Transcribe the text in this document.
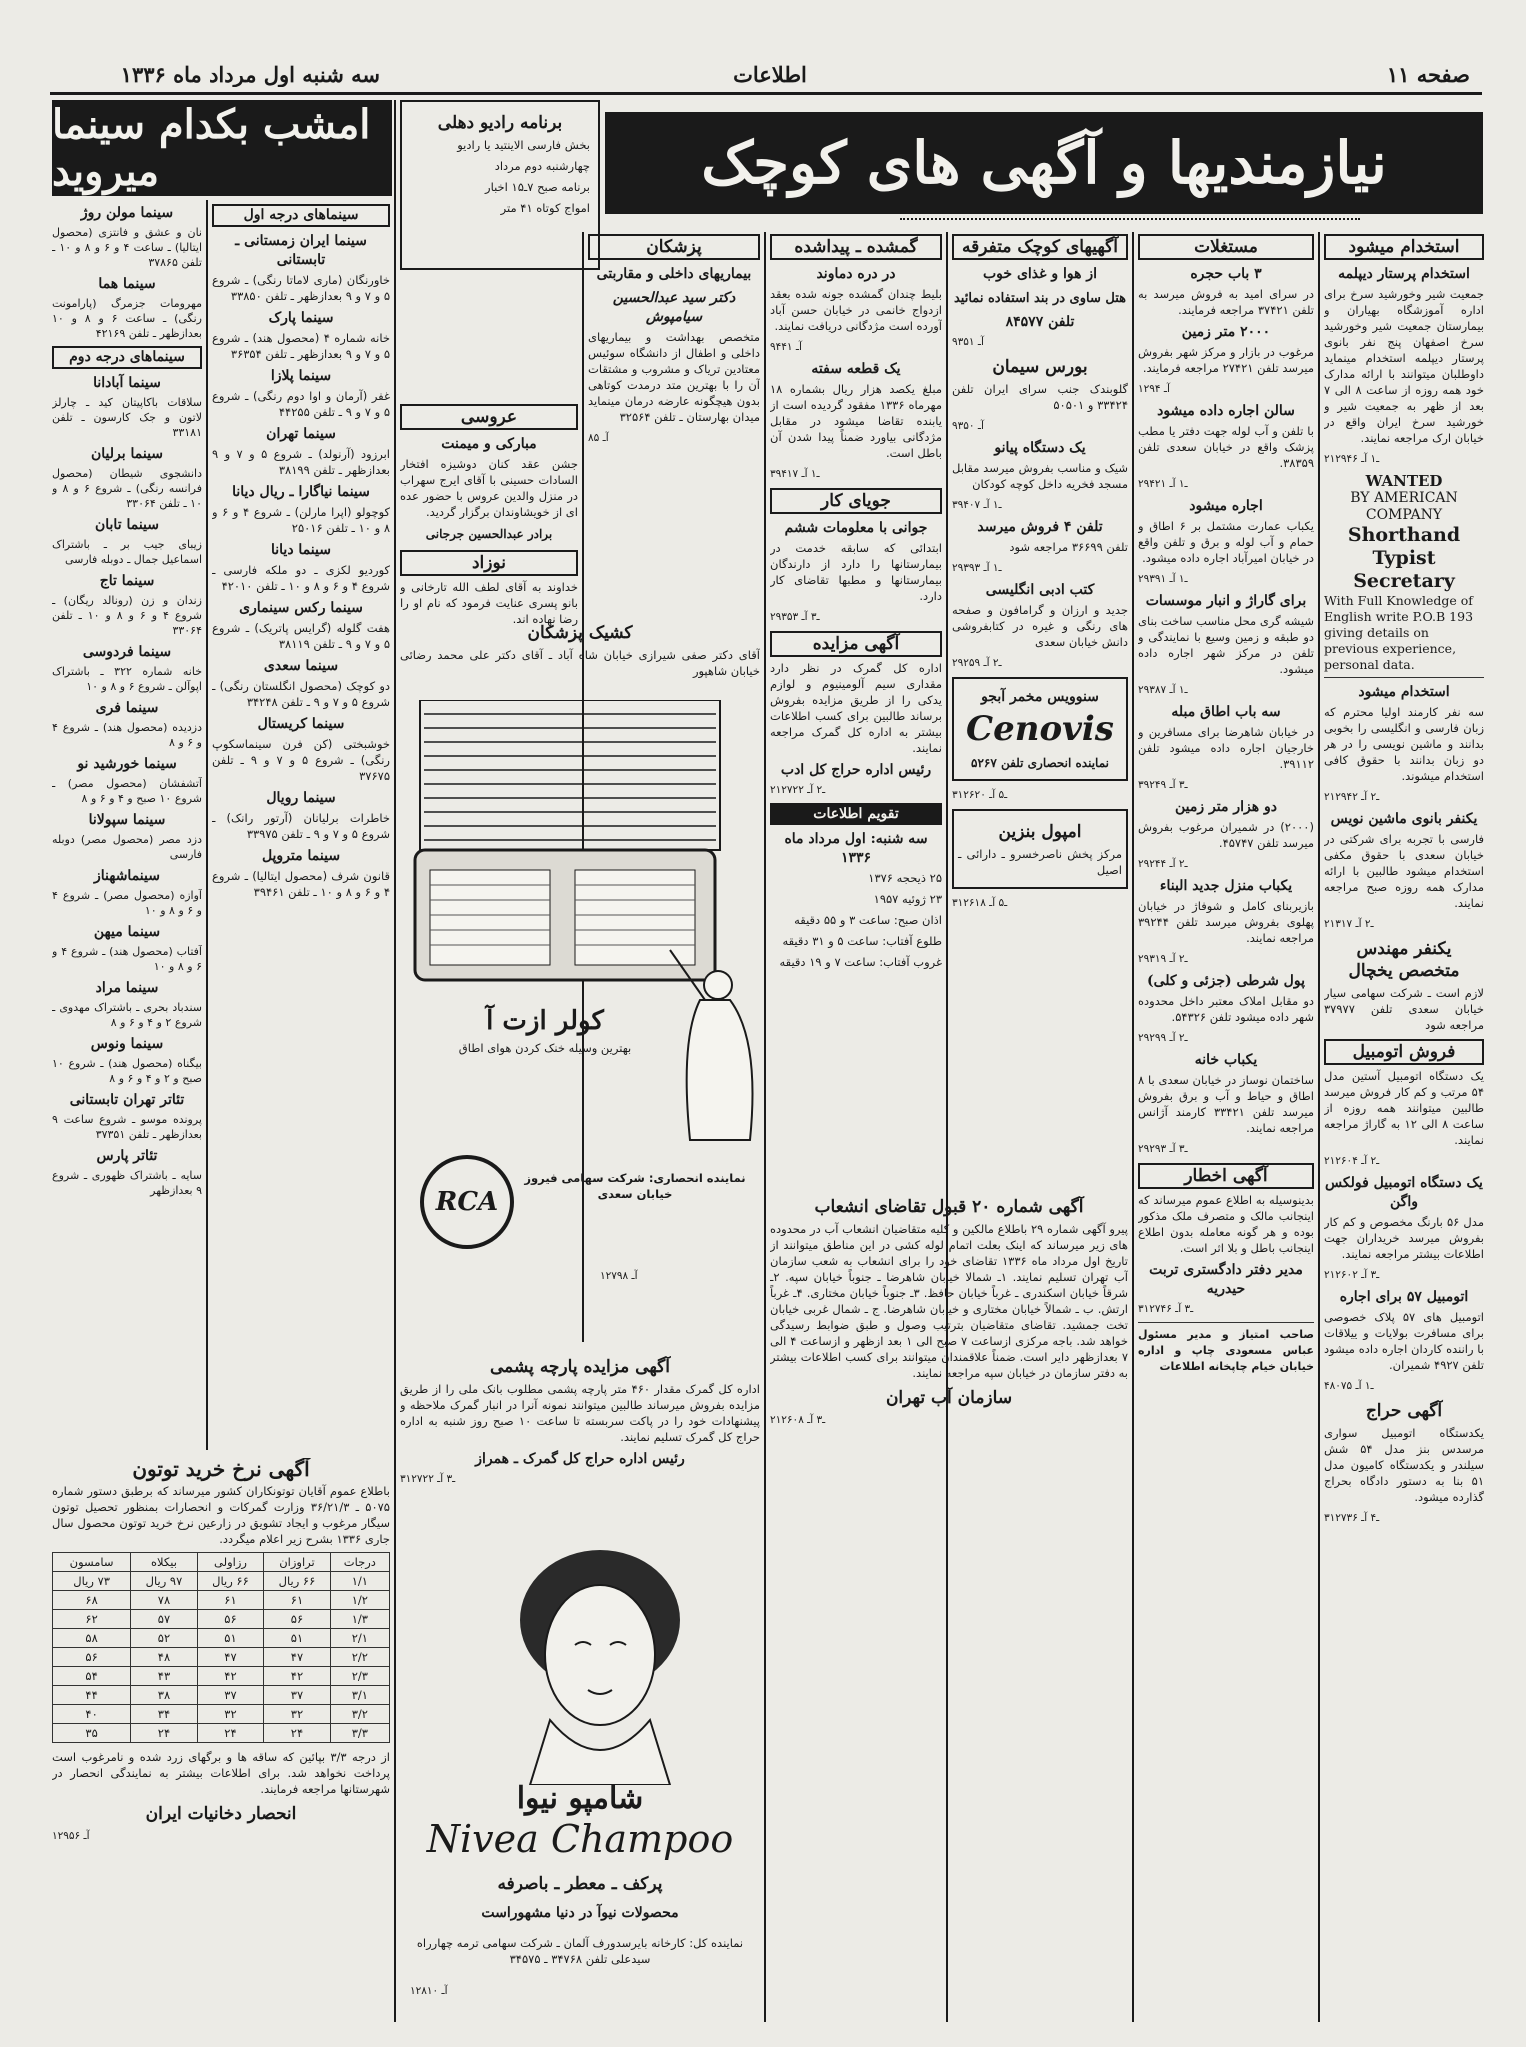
صفحه ۱۱
اطلاعات
سه شنبه اول مرداد ماه ۱۳۳۶
نیازمندیها و آگهی های کوچک
امشب بکدام سینما میروید
برنامه رادیو دهلی

بخش فارسی الاینتید یا رادیو

چهارشنبه دوم مرداد

برنامه صبح ۷ـ۱۵ اخبار

امواج کوتاه ۴۱ متر

استخدام میشود
استخدام پرستار دیپلمه

جمعیت شیر وخورشید سرخ برای اداره آموزشگاه بهیاران و بیمارستان جمعیت شیر وخورشید سرخ اصفهان پنج نفر بانوی پرستار دیپلمه استخدام مینماید داوطلبان میتوانند با ارائه مدارک خود همه روزه از ساعت ۸ الی ۷ بعد از ظهر به جمعیت شیر و خورشید سرخ ایران واقع در خیابان ارک مراجعه نمایند.

۲ـ۱ آـ ۱۲۹۴۶

WANTED
BY AMERICAN COMPANY
Shorthand Typist Secretary
With Full Knowledge of English write P.O.B 193 giving details on previous experience, personal data.
استخدام میشود

سه نفر کارمند اولیا محترم که زبان فارسی و انگلیسی را بخوبی بدانند و ماشین نویسی را در هر دو زبان بدانند با حقوق کافی استخدام میشوند.

۲ـ۲ آـ ۱۲۹۴۲

یکنفر بانوی ماشین نویس

فارسی با تجربه برای شرکتی در خیابان سعدی با حقوق مکفی استخدام میشود طالبین با ارائه مدارک همه روزه صبح مراجعه نمایند.

۲ـ۲ آـ ۱۳۱۷

یکنفر مهندس متخصص یخچال

لازم است ـ شرکت سهامی سیار خیابان سعدی تلفن ۳۷۹۷۷ مراجعه شود

فروش اتومبیل

یک دستگاه اتومبیل آستین مدل ۵۴ مرتب و کم کار فروش میرسد طالبین میتوانند همه روزه از ساعت ۸ الی ۱۲ به گاراژ مراجعه نمایند.

۲ـ۲ آـ ۱۲۶۰۴

یک دستگاه اتومبیل فولکس واگن

مدل ۵۶ بارنگ مخصوص و کم کار بفروش میرسد خریداران جهت اطلاعات بیشتر مراجعه نمایند.

۲ـ۳ آـ ۱۲۶۰۲

اتومبیل ۵۷ برای اجاره

اتومبیل های ۵۷ پلاک خصوصی برای مسافرت بولایات و ییلاقات با راننده کاردان اجاره داده میشود تلفن ۴۹۲۷ شمیران.

۴ـ۱ آـ ۸۰۷۵

آگهی حراج

یکدستگاه اتومبیل سواری مرسدس بنز مدل ۵۴ شش سیلندر و یکدستگاه کامیون مدل ۵۱ بنا به دستور دادگاه بحراج گذارده میشود.

۳ـ۴ آـ ۱۲۷۳۶

مستغلات
۳ باب حجره

در سرای امید به فروش میرسد به تلفن ۳۷۴۲۱ مراجعه فرمایند.

۲۰۰۰ متر زمین

مرغوب در بازار و مرکز شهر بفروش میرسد تلفن ۲۷۴۲۱ مراجعه فرمایند.

آـ ۱۲۹۴

سالن اجاره داده میشود

با تلفن و آب لوله جهت دفتر یا مطب پزشک واقع در خیابان سعدی تلفن ۳۸۳۵۹.

۲ـ۱ آـ ۹۴۲۱

اجاره میشود

یکباب عمارت مشتمل بر ۶ اطاق و حمام و آب لوله و برق و تلفن واقع در خیابان امیرآباد اجاره داده میشود.

۲ـ۱ آـ ۹۳۹۱

برای گاراژ و انبار موسسات

شیشه گری محل مناسب ساخت بنای دو طبقه و زمین وسیع با نمایندگی و تلفن در مرکز شهر اجاره داده میشود.

۲ـ۱ آـ ۹۳۸۷

سه باب اطاق مبله

در خیابان شاهرضا برای مسافرین و خارجیان اجاره داده میشود تلفن ۳۹۱۱۲.

۳ـ۳ آـ ۹۲۴۹

دو هزار متر زمین

(۲۰۰۰) در شمیران مرغوب بفروش میرسد تلفن ۴۵۷۴۷.

۲ـ۲ آـ ۹۲۴۴

یکباب منزل جدید البناء

بازیربنای کامل و شوفاژ در خیابان پهلوی بفروش میرسد تلفن ۳۹۲۴۴ مراجعه نمایند.

۲ـ۲ آـ ۹۳۱۹

پول شرطی (جزئی و کلی)

دو مقابل املاک معتبر داخل محدوده شهر داده میشود تلفن ۵۴۳۲۶.

۲ـ۲ آـ ۹۲۹۹

یکباب خانه

ساختمان نوساز در خیابان سعدی با ۸ اطاق و حیاط و آب و برق بفروش میرسد تلفن ۳۳۴۲۱ کارمند آژانس مراجعه نمایند.

۲ـ۳ آـ ۹۲۹۳

آگهی اخطار

بدینوسیله به اطلاع عموم میرساند که اینجانب مالک و متصرف ملک مذکور بوده و هر گونه معامله بدون اطلاع اینجانب باطل و بلا اثر است.

مدیر دفتر دادگستری تربت حیدریه

۳ـ۳ آـ ۱۲۷۴۶

صاحب امتیاز و مدیر مسئول عباس مسعودی چاپ و اداره خیابان خیام چاپخانه اطلاعات

آگهیهای کوچک متفرقه
از هوا و غذای خوب
هتل ساوی در بند استفاده نمائید
تلفن ۸۴۵۷۷

آـ ۹۳۵۱

بورس سیمان

گلوبندک جنب سرای ایران تلفن ۳۳۴۲۴ و ۵۰۵۰۱

آـ ۹۳۵۰

یک دستگاه پیانو

شیک و مناسب بفروش میرسد مقابل مسجد فخریه داخل کوچه کودکان

۳ـ۱ آـ ۹۴۰۷

تلفن ۴ فروش میرسد

تلفن ۳۶۶۹۹ مراجعه شود

۲ـ۱ آـ ۹۳۹۳

کتب ادبی انگلیسی

جدید و ارزان و گرامافون و صفحه های رنگی و غیره در کتابفروشی دانش خیابان سعدی

۲ـ۲ آـ ۹۲۵۹

سنوویس مخمر آبجو
Cenovis
نماینده انحصاری تلفن ۵۲۶۷

۳ـ۵ آـ ۱۲۶۲۰

امپول بنزین

مرکز پخش ناصرخسرو ـ دارائی ـ اصیل

۳ـ۵ آـ ۱۲۶۱۸

گمشده ـ پیداشده
در دره دماوند

بلیط چندان گمشده جونه شده بعقد ازدواج خانمی در خیابان حسن آباد آورده است مژدگانی دریافت نمایند.

آـ ۹۴۴۱

یک قطعه سفته

مبلغ یکصد هزار ریال بشماره ۱۸ مهرماه ۱۳۳۶ مفقود گردیده است از یابنده تقاضا میشود در مقابل مژدگانی بیاورد ضمناً پیدا شدن آن باطل است.

۳ـ۱ آـ ۹۴۱۷

جویای کار
جوانی با معلومات ششم

ابتدائی که سابقه خدمت در بیمارستانها را دارد از دارندگان بیمارستانها و مطبها تقاضای کار دارد.

۲ـ۳ آـ ۹۳۵۳

آگهی مزایده

اداره کل گمرک در نظر دارد مقداری سیم آلومینیوم و لوازم یدکی را از طریق مزایده بفروش برساند طالبین برای کسب اطلاعات بیشتر به اداره کل گمرک مراجعه نمایند.

رئیس اداره حراج کل ادب

۲ـ۲ آـ ۱۲۷۲۲

تقویم اطلاعات
سه شنبه: اول مرداد ماه ۱۳۳۶

۲۵ ذیحجه ۱۳۷۶

۲۳ ژوئیه ۱۹۵۷

اذان صبح: ساعت ۳ و ۵۵ دقیقه

طلوع آفتاب: ساعت ۵ و ۳۱ دقیقه

غروب آفتاب: ساعت ۷ و ۱۹ دقیقه

آگهی شماره ۲۰ قبول تقاضای انشعاب

پیرو آگهی شماره ۲۹ باطلاع مالکین و کلیه متقاضیان انشعاب آب در محدوده های زیر میرساند که اینک بعلت اتمام لوله کشی در این مناطق میتوانند از تاریخ اول مرداد ماه ۱۳۳۶ تقاضای خود را برای انشعاب به شعب سازمان آب تهران تسلیم نمایند. ۱ـ شمالا خیابان شاهرضا ـ جنوباً خیابان سپه. ۲ـ شرقاً خیابان اسکندری ـ غرباً خیابان حافظ. ۳ـ جنوباً خیابان مختاری. ۴ـ غرباً ارتش. ب ـ شمالاً خیابان مختاری و خیابان شاهرضا. ج ـ شمال غربی خیابان تخت جمشید. تقاضای متقاضیان بترتیب وصول و طبق ضوابط رسیدگی خواهد شد. باجه مرکزی ازساعت ۷ صبح الی ۱ بعد ازظهر و ازساعت ۴ الی ۷ بعدازظهر دایر است. ضمناً علاقمندان میتوانند برای کسب اطلاعات بیشتر به دفتر سازمان در خیابان سپه مراجعه نمایند.

سازمان آب تهران

۲ـ۳ آـ ۱۲۶۰۸

پزشکان
بیماریهای داخلی و مقاربتی
دکتر سید عبدالحسین سیامپوش

متخصص بهداشت و بیماریهای داخلی و اطفال از دانشگاه سوئیس معتادین تریاک و مشروب و مشتقات آن را با بهترین متد درمدت کوتاهی بدون هیچگونه عارضه درمان مینماید میدان بهارستان ـ تلفن ۳۲۵۶۴

آـ ۸۵

عروسی
مبارکی و میمنت

جشن عقد کنان دوشیزه افتخار السادات حسینی با آقای ایرج سهراب در منزل والدین عروس با حضور عده ای از خویشاوندان برگزار گردید.

برادر عبدالحسین جرجانی
نوزاد

خداوند به آقای لطف الله تارخانی و بانو پسری عنایت فرمود که نام او را رضا نهاده اند.

کشیک پزشکان

آقای دکتر صفی شیرازی خیابان شاه آباد ـ آقای دکتر علی محمد رضائی خیابان شاهپور

کولر ازت آ
بهترین وسیله خنک کردن هوای اطاق
نماینده انحصاری: شرکت سهامی فیروز خیابان سعدی
RCA
آـ ۱۲۷۹۸
آگهی مزایده پارچه پشمی

اداره کل گمرک مقدار ۴۶۰ متر پارچه پشمی مطلوب بانک ملی را از طریق مزایده بفروش میرساند طالبین میتوانند نمونه آنرا در انبار گمرک ملاحظه و پیشنهادات خود را در پاکت سربسته تا ساعت ۱۰ صبح روز شنبه به اداره حراج کل گمرک تسلیم نمایند.

رئیس اداره حراج کل گمرک ـ همراز

۳ـ۳ آـ ۱۲۷۲۲

شامپو نیوا
Nivea Champoo
پرکف ـ معطر ـ باصرفه
محصولات نیوآ در دنیا مشهوراست
نماینده کل: کارخانه بایرسدورف آلمان ـ شرکت سهامی ترمه چهارراه سیدعلی تلفن ۳۴۷۶۸ ـ ۳۴۵۷۵
آـ ۱۲۸۱۰
سینماهای درجه اول
سینما ایران زمستانی ـ تابستانی

خاورنگان (ماری لاماتا رنگی) ـ شروع ۵ و ۷ و ۹ بعدازظهر ـ تلفن ۳۳۸۵۰

سینما پارک

خانه شماره ۴ (محصول هند) ـ شروع ۵ و ۷ و ۹ بعدازظهر ـ تلفن ۳۶۳۵۴

سینما پلازا

غفر (آرمان و اوا دوم رنگی) ـ شروع ۵ و ۷ و ۹ ـ تلفن ۴۴۲۵۵

سینما تهران

ابرزود (آرنولد) ـ شروع ۵ و ۷ و ۹ بعدازظهر ـ تلفن ۳۸۱۹۹

سینما نیاگارا ـ ریال دیانا

کوچولو (اپرا مارلن) ـ شروع ۴ و ۶ و ۸ و ۱۰ ـ تلفن ۲۵۰۱۶

سینما دیانا

کوردیو لکزی ـ دو ملکه فارسی ـ شروع ۴ و ۶ و ۸ و ۱۰ ـ تلفن ۴۲۰۱۰

سینما رکس سینماری

هفت گلوله (گرایس پاتریک) ـ شروع ۵ و ۷ و ۹ ـ تلفن ۳۸۱۱۹

سینما سعدی

دو کوچک (محصول انگلستان رنگی) ـ شروع ۵ و ۷ و ۹ ـ تلفن ۳۴۲۴۸

سینما کریستال

خوشبختی (کن فرن سینماسکوپ رنگی) ـ شروع ۵ و ۷ و ۹ ـ تلفن ۳۷۶۷۵

سینما رویال

خاطرات برلیانان (آرتور رانک) ـ شروع ۵ و ۷ و ۹ ـ تلفن ۳۳۹۷۵

سینما متروپل

قانون شرف (محصول ایتالیا) ـ شروع ۴ و ۶ و ۸ و ۱۰ ـ تلفن ۳۹۴۶۱

سینما مولن روژ

نان و عشق و فانتزی (محصول ایتالیا) ـ ساعت ۴ و ۶ و ۸ و ۱۰ ـ تلفن ۳۷۸۶۵

سینما هما

مهرومات جزمرگ (پارامونت رنگی) ـ ساعت ۶ و ۸ و ۱۰ بعدازظهر ـ تلفن ۴۲۱۶۹

سینماهای درجه دوم
سینما آبادانا

سلاقات باکاپیتان کید ـ چارلز لاتون و جک کارسون ـ تلفن ۳۳۱۸۱

سینما برلیان

دانشجوی شیطان (محصول فرانسه رنگی) ـ شروع ۶ و ۸ و ۱۰ ـ تلفن ۳۳۰۶۴

سینما تابان

زیبای جیب بر ـ باشتراک اسماعیل جمال ـ دوبله فارسی

سینما تاج

زندان و زن (رونالد ریگان) ـ شروع ۴ و ۶ و ۸ و ۱۰ ـ تلفن ۳۳۰۶۴

سینما فردوسی

خانه شماره ۳۲۲ ـ باشتراک اپوآلن ـ شروع ۶ و ۸ و ۱۰

سینما فری

دزدیده (محصول هند) ـ شروع ۴ و ۶ و ۸

سینما خورشید نو

آتشفشان (محصول مصر) ـ شروع ۱۰ صبح و ۴ و ۶ و ۸

سینما سپولانا

دزد مصر (محصول مصر) دوبله فارسی

سینماشهناز

آوازه (محصول مصر) ـ شروع ۴ و ۶ و ۸ و ۱۰

سینما میهن

آفتاب (محصول هند) ـ شروع ۴ و ۶ و ۸ و ۱۰

سینما مراد

سندباد بحری ـ باشتراک مهدوی ـ شروع ۲ و ۴ و ۶ و ۸

سینما ونوس

بیگناه (محصول هند) ـ شروع ۱۰ صبح و ۲ و ۴ و ۶ و ۸

تئاتر تهران تابستانی

پرونده موسو ـ شروع ساعت ۹ بعدازظهر ـ تلفن ۳۷۳۵۱

تئاتر پارس

سایه ـ باشتراک ظهوری ـ شروع ۹ بعدازظهر

آگهی نرخ خرید توتون

باطلاع عموم آقایان توتونکاران کشور میرساند که برطبق دستور شماره ۵۰۷۵ ـ ۳۶/۲۱/۳ وزارت گمرکات و انحصارات بمنظور تحصیل توتون سیگار مرغوب و ایجاد تشویق در زارعین نرخ خرید توتون محصول سال جاری ۱۳۳۶ بشرح زیر اعلام میگردد.

درجات	تراوزان	رزاولی	بیکلاه	سامسون
۱/۱	۶۶ ریال	۶۶ ریال	۹۷ ریال	۷۳ ریال
۱/۲	۶۱	۶۱	۷۸	۶۸
۱/۳	۵۶	۵۶	۵۷	۶۲
۲/۱	۵۱	۵۱	۵۲	۵۸
۲/۲	۴۷	۴۷	۴۸	۵۶
۲/۳	۴۲	۴۲	۴۳	۵۴
۳/۱	۳۷	۳۷	۳۸	۴۴
۳/۲	۳۲	۳۲	۳۴	۴۰
۳/۳	۲۴	۲۴	۲۴	۳۵

از درجه ۳/۳ بپائین که ساقه ها و برگهای زرد شده و نامرغوب است پرداخت نخواهد شد. برای اطلاعات بیشتر به نمایندگی انحصار در شهرستانها مراجعه فرمایند.

انحصار دخانیات ایران

آـ ۱۲۹۵۶
